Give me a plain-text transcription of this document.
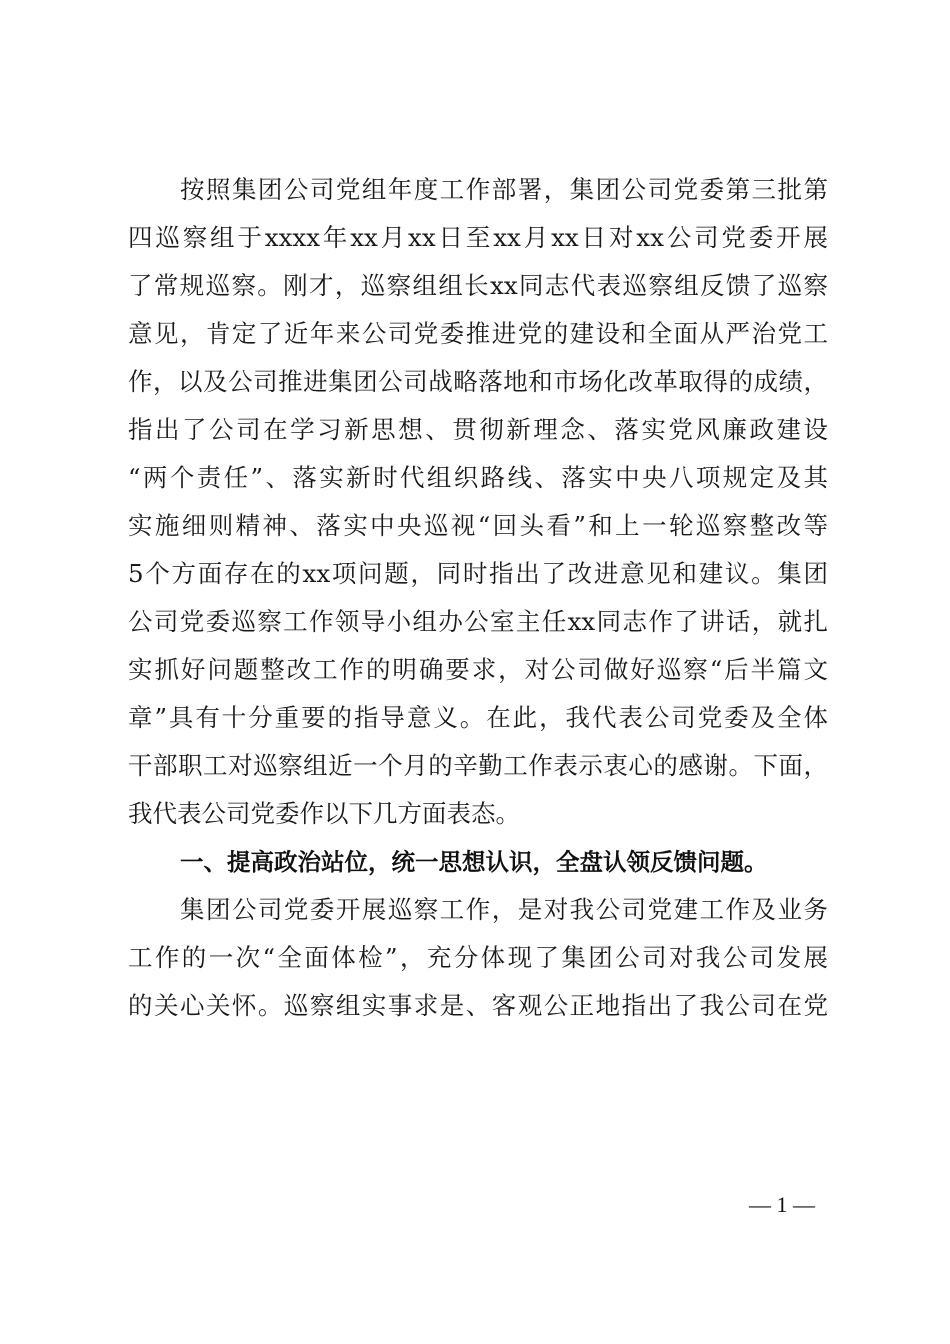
按照集团公司党组年度工作部署，集团公司党委第三批第
四巡察组于xxxx年xx月xx日至xx月xx日对xx公司党委开展
了常规巡察。刚才，巡察组组长xx同志代表巡察组反馈了巡察
意见，肯定了近年来公司党委推进党的建设和全面从严治党工
作，以及公司推进集团公司战略落地和市场化改革取得的成绩，
指出了公司在学习新思想、贯彻新理念、落实党风廉政建设
“两个责任”、落实新时代组织路线、落实中央八项规定及其
实施细则精神、落实中央巡视“回头看”和上一轮巡察整改等
5个方面存在的xx项问题，同时指出了改进意见和建议。集团
公司党委巡察工作领导小组办公室主任xx同志作了讲话，就扎
实抓好问题整改工作的明确要求，对公司做好巡察“后半篇文
章”具有十分重要的指导意义。在此，我代表公司党委及全体
干部职工对巡察组近一个月的辛勤工作表示衷心的感谢。下面，
我代表公司党委作以下几方面表态。
一、提高政治站位，统一思想认识，全盘认领反馈问题。
集团公司党委开展巡察工作，是对我公司党建工作及业务
工作的一次“全面体检”，充分体现了集团公司对我公司发展
的关心关怀。巡察组实事求是、客观公正地指出了我公司在党
— 1 —
